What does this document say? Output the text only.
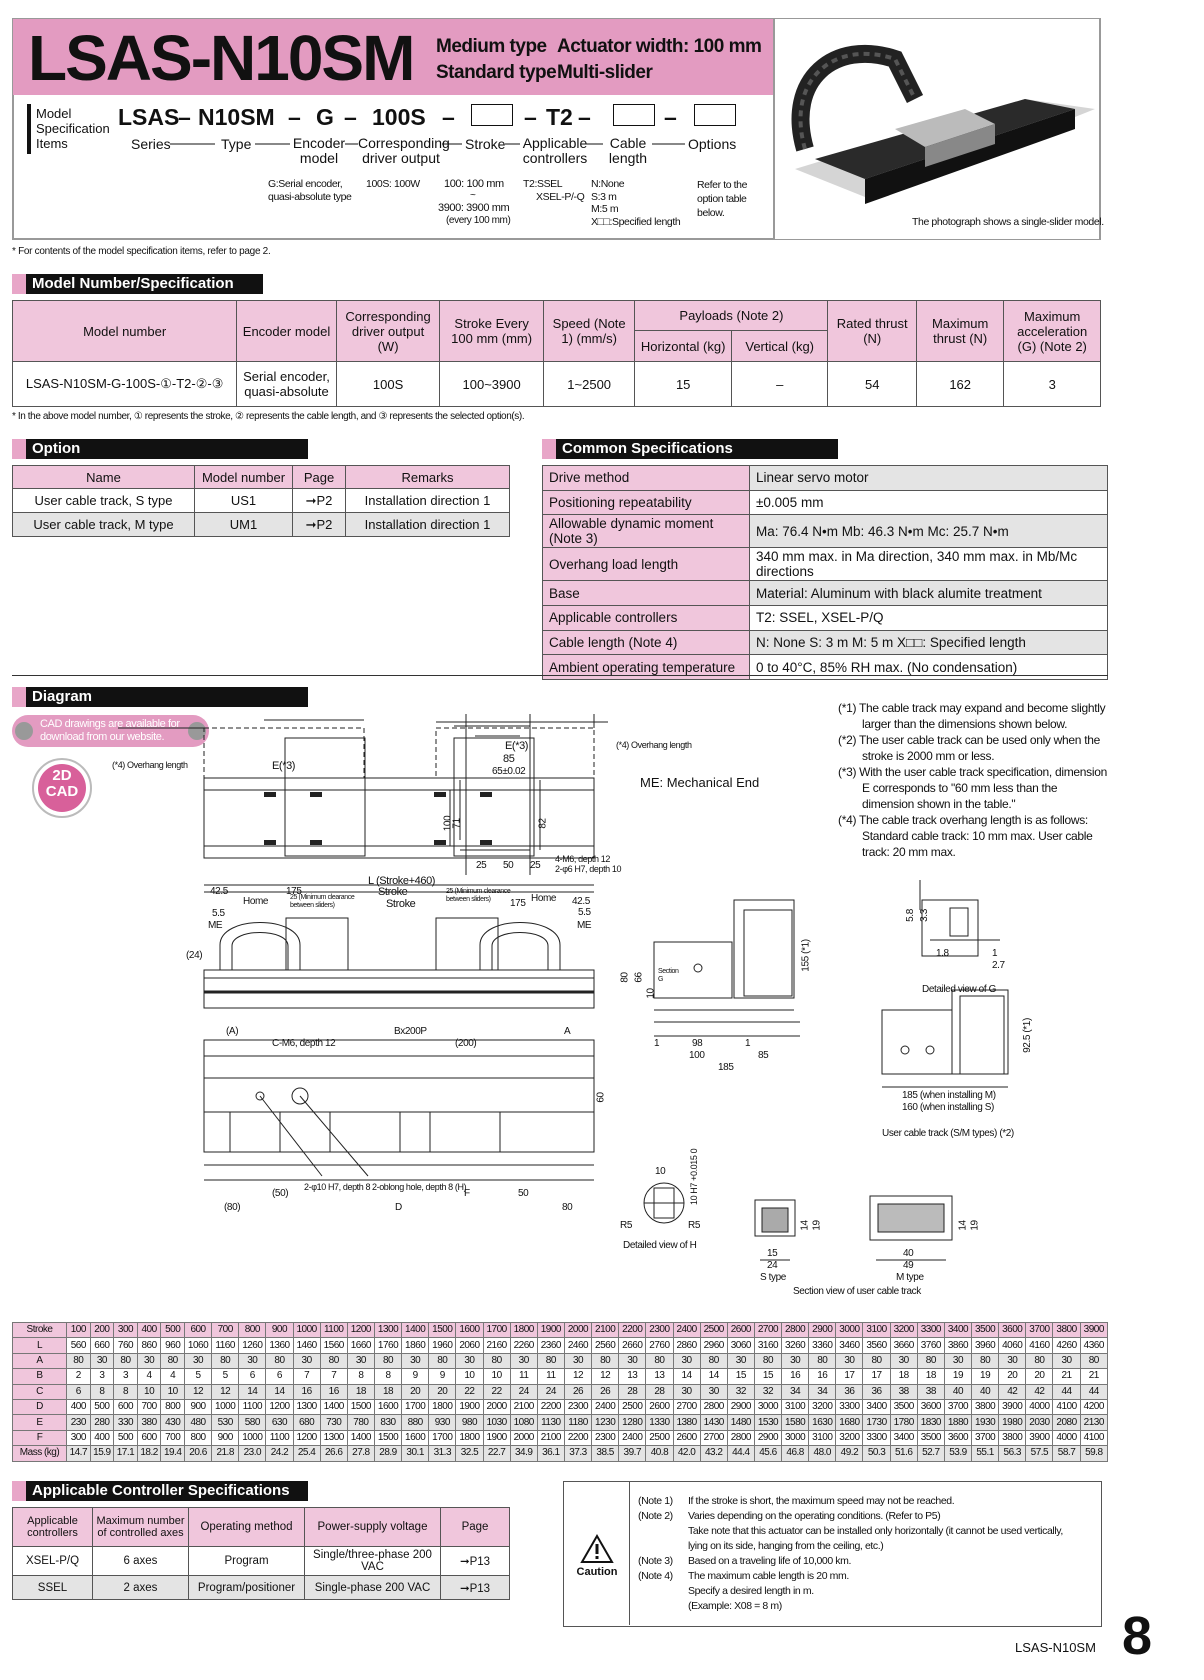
LSAS-N10SM Medium type
Standard type
Actuator width: 100 mm
Multi-slider
The photograph shows a single-slider model.
Model
Specification
Items
LSAS
– N10SM – G – 100S –	– T2 –	–
Series	Type	Encoder model
Corresponding driver output
Stroke Applicable controllers
Cable length
Options
G:Serial encoder, quasi-absolute type
100S: 100W 100: 100 mm
~
3900: 3900 mm
(every 100 mm)
T2:SSEL
XSEL-P/-Q
N:None
S:3 m
M:5 m
X□□:Specified length
Refer to the option table below.
* For contents of the model specification items, refer to page 2.
Model Number/Specification
Model number	Encoder model	Corresponding driver output (W)	Stroke Every 100 mm (mm)	Speed (Note 1) (mm/s)	Payloads (Note 2)		Rated thrust (N)	Maximum thrust (N)	Maximum acceleration (G) (Note 2)
					Horizontal (kg)	Vertical (kg)			
LSAS-N10SM-G-100S-①-T2-②-③	Serial encoder, quasi-absolute	100S	100~3900	1~2500	15	–	54	162	3
* In the above model number, ① represents the stroke, ② represents the cable length, and ③ represents the selected option(s).
Option
Name	Model number	Page	Remarks
User cable track, S type	US1	➞P2	Installation direction 1
User cable track, M type	UM1	➞P2	Installation direction 1
Common Specifications
Drive method	Linear servo motor
Positioning repeatability	±0.005 mm
Allowable dynamic moment (Note 3)	Ma: 76.4 N•m Mb: 46.3 N•m Mc: 25.7 N•m
Overhang load length	340 mm max. in Ma direction, 340 mm max. in Mb/Mc directions
Base	Material: Aluminum with black alumite treatment
Applicable controllers	T2: SSEL, XSEL-P/Q
Cable length (Note 4)	N: None S: 3 m M: 5 m X□□: Specified length
Ambient operating temperature	0 to 40°C, 85% RH max. (No condensation)
Diagram
CAD drawings are available for download from our website.
2D
CAD
ME: Mechanical End
(*1) The cable track may expand and become slightly larger than the dimensions shown below.
(*2) The user cable track can be used only when the stroke is 2000 mm or less.
(*3) With the user cable track specification, dimension E corresponds to "60 mm less than the dimension shown in the table."
(*4) The cable track overhang length is as follows: Standard cable track: 10 mm max. User cable track: 20 mm max.
E(*3)	(*4) Overhang length
(*4) Overhang length	E(*3)
85
65±0.02
100
71	82
25 50 25
4-M6, depth 12
2-φ6 H7, depth 10
L (Stroke+460)
42.5	175	Stroke
Stroke
25 (Minimum clearance between sliders)
25 (Minimum clearance between sliders)
Home	Home
175	42.5
5.5	5.5
ME	ME
(24)
(A)	Bx200P	A
C-M6, depth 12	(200)
60
2-φ10 H7, depth 8 2-oblong hole, depth 8 (H)
(50)	F	50
(80)	D	80
98
100
185
85
155 (*1)
80 66
10
Section G
1	1
Detailed view of G
5.8 3.3
1.8	1
2.7
92.5 (*1)
185 (when installing M)
160 (when installing S)
User cable track (S/M types) (*2)
Detailed view of H
10	10 H7 +0.015 0
R5	R5	14 19
15
24
S type
40
49
14 19
M type
Section view of user cable track
Stroke	100	200	300	400	500	600	700	800	900	1000	1100	1200	1300	1400	1500	1600	1700	1800	1900	2000	2100	2200	2300	2400	2500	2600	2700	2800	2900	3000	3100	3200	3300	3400	3500	3600	3700	3800	3900
L	560	660	760	860	960	1060	1160	1260	1360	1460	1560	1660	1760	1860	1960	2060	2160	2260	2360	2460	2560	2660	2760	2860	2960	3060	3160	3260	3360	3460	3560	3660	3760	3860	3960	4060	4160	4260	4360
A	80	30	80	30	80	30	80	30	80	30	80	30	80	30	80	30	80	30	80	30	80	30	80	30	80	30	80	30	80	30	80	30	80	30	80	30	80	30	80
B	2	3	3	4	4	5	5	6	6	7	7	8	8	9	9	10	10	11	11	12	12	13	13	14	14	15	15	16	16	17	17	18	18	19	19	20	20	21	21
C	6	8	8	10	10	12	12	14	14	16	16	18	18	20	20	22	22	24	24	26	26	28	28	30	30	32	32	34	34	36	36	38	38	40	40	42	42	44	44
D	400	500	600	700	800	900	1000	1100	1200	1300	1400	1500	1600	1700	1800	1900	2000	2100	2200	2300	2400	2500	2600	2700	2800	2900	3000	3100	3200	3300	3400	3500	3600	3700	3800	3900	4000	4100	4200
E	230	280	330	380	430	480	530	580	630	680	730	780	830	880	930	980	1030	1080	1130	1180	1230	1280	1330	1380	1430	1480	1530	1580	1630	1680	1730	1780	1830	1880	1930	1980	2030	2080	2130
F	300	400	500	600	700	800	900	1000	1100	1200	1300	1400	1500	1600	1700	1800	1900	2000	2100	2200	2300	2400	2500	2600	2700	2800	2900	3000	3100	3200	3300	3400	3500	3600	3700	3800	3900	4000	4100
Mass (kg)	14.7	15.9	17.1	18.2	19.4	20.6	21.8	23.0	24.2	25.4	26.6	27.8	28.9	30.1	31.3	32.5	22.7	34.9	36.1	37.3	38.5	39.7	40.8	42.0	43.2	44.4	45.6	46.8	48.0	49.2	50.3	51.6	52.7	53.9	55.1	56.3	57.5	58.7	59.8
Applicable Controller Specifications
Applicable controllers	Maximum number of controlled axes	Operating method	Power-supply voltage	Page
XSEL-P/Q	6 axes	Program	Single/three-phase 200 VAC	➞P13
SSEL	2 axes	Program/positioner	Single-phase 200 VAC	➞P13
Caution
(Note 1)	If the stroke is short, the maximum speed may not be reached.
(Note 2)	Varies depending on the operating conditions. (Refer to P5)
Take note that this actuator can be installed only horizontally (it cannot be used vertically,
lying on its side, hanging from the ceiling, etc.)
(Note 3)	Based on a traveling life of 10,000 km.
(Note 4)	The maximum cable length is 20 mm.
Specify a desired length in m.
(Example: X08 = 8 m)
LSAS-N10SM 8
